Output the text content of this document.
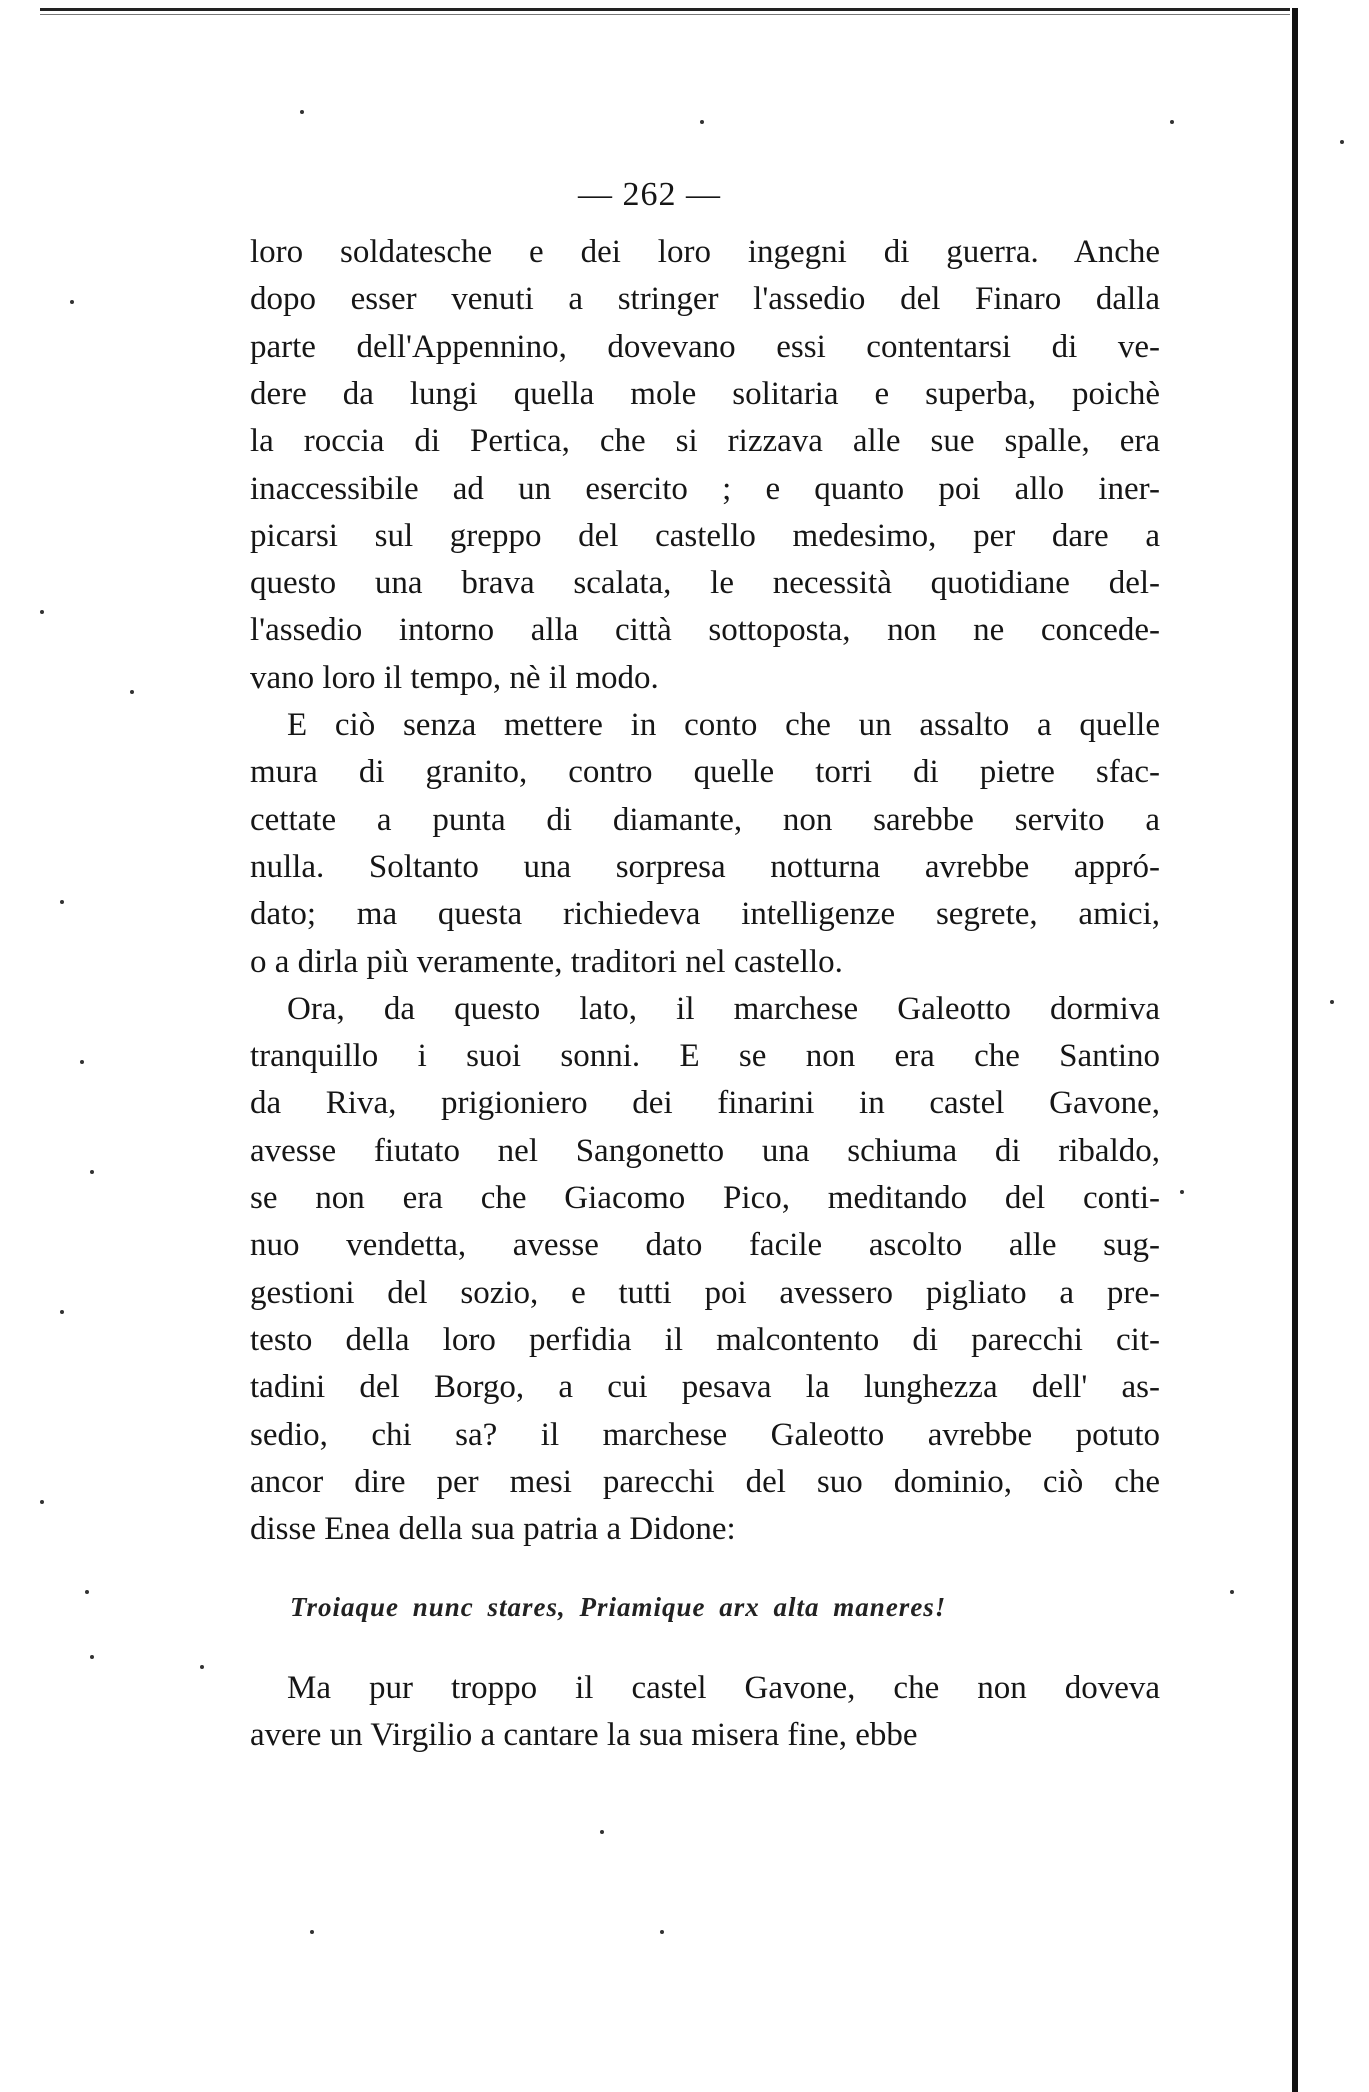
— 262 —
loro soldatesche e dei loro ingegni di guerra. Anche
dopo esser venuti a stringer l'assedio del Finaro dalla
parte dell'Appennino, dovevano essi contentarsi di ve-
dere da lungi quella mole solitaria e superba, poichè
la roccia di Pertica, che si rizzava alle sue spalle, era
inaccessibile ad un esercito ; e quanto poi allo iner-
picarsi sul greppo del castello medesimo, per dare a
questo una brava scalata, le necessità quotidiane del-
l'assedio intorno alla città sottoposta, non ne concede-
vano loro il tempo, nè il modo.
E ciò senza mettere in conto che un assalto a quelle
mura di granito, contro quelle torri di pietre sfac-
cettate a punta di diamante, non sarebbe servito a
nulla. Soltanto una sorpresa notturna avrebbe appró-
dato; ma questa richiedeva intelligenze segrete, amici,
o a dirla più veramente, traditori nel castello.
Ora, da questo lato, il marchese Galeotto dormiva
tranquillo i suoi sonni. E se non era che Santino
da Riva, prigioniero dei finarini in castel Gavone,
avesse fiutato nel Sangonetto una schiuma di ribaldo,
se non era che Giacomo Pico, meditando del conti-
nuo vendetta, avesse dato facile ascolto alle sug-
gestioni del sozio, e tutti poi avessero pigliato a pre-
testo della loro perfidia il malcontento di parecchi cit-
tadini del Borgo, a cui pesava la lunghezza dell' as-
sedio, chi sa? il marchese Galeotto avrebbe potuto
ancor dire per mesi parecchi del suo dominio, ciò che
disse Enea della sua patria a Didone:
Troiaque nunc stares, Priamique arx alta maneres!
Ma pur troppo il castel Gavone, che non doveva
avere un Virgilio a cantare la sua misera fine, ebbe
